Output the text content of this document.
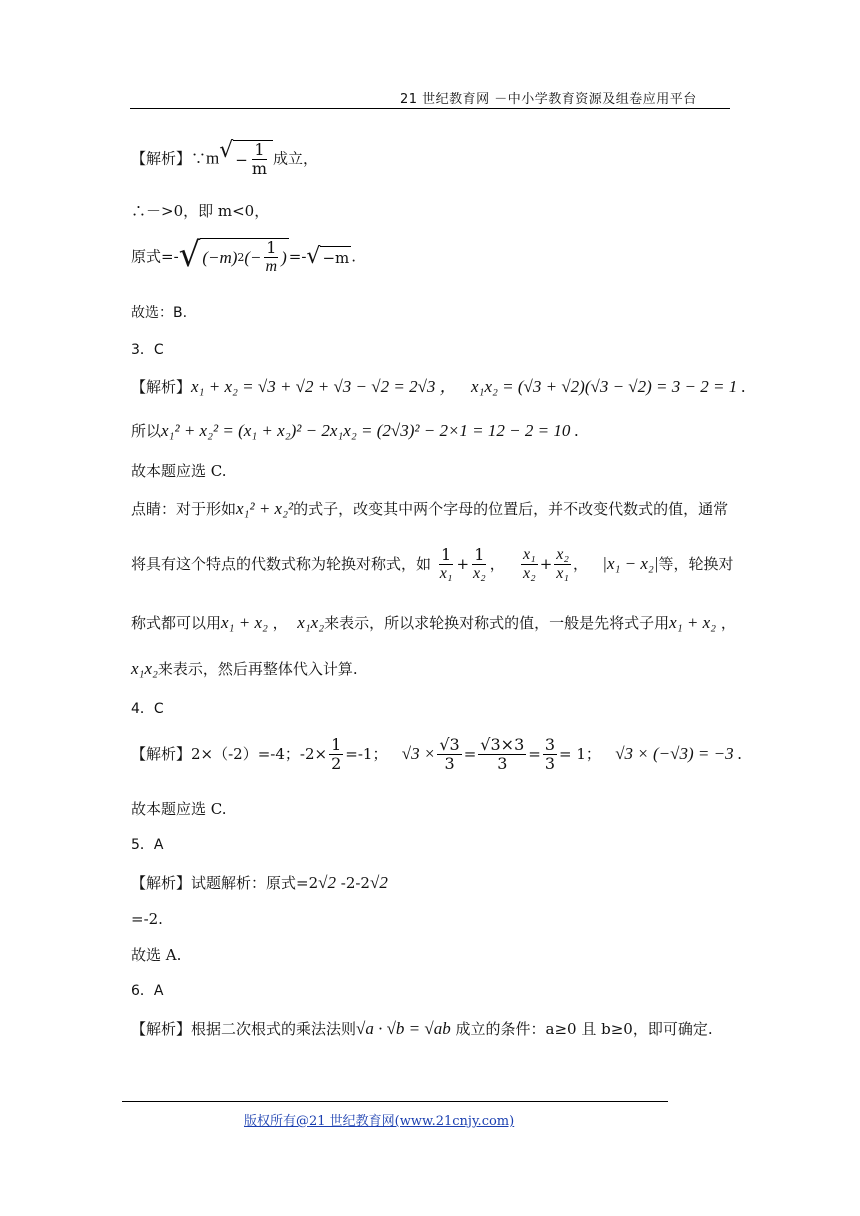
21 世纪教育网 －中小学教育资源及组卷应用平台
【解析】∵m √ − $\frac{1}{m}$ 成立，
∴－>0，即 m<0，
原式=- √ (−m) 2 (− $\frac{1}{m}$ ) =- √ −m .
故选：B.
3．C
【解析】x₁ + x₂ = √3 + √2 + √3 − √2 = 2√3 ， x₁x₂ = (√3 + √2)(√3 − √2) = 3 − 2 = 1 .
所以x₁² + x₂² = (x₁ + x₂)² − 2x₁x₂ = (2√3)² − 2×1 = 12 − 2 = 10 .
故本题应选 C.
点睛：对于形如x₁² + x₂²的式子，改变其中两个字母的位置后，并不改变代数式的值，通常
将具有这个特点的代数式称为轮换对称式，如 $\frac{1}{\text{x₁}} + \frac{1}{\text{x₂}}$ ， $\frac{\text{x₁}}{\text{x₂}} + \frac{\text{x₂}}{\text{x₁}}$ ，   |x₁ − x₂|等，轮换对
称式都可以用x₁ + x₂ ，  x₁x₂来表示，所以求轮换对称式的值，一般是先将式子用x₁ + x₂ ，
x₁x₂来表示，然后再整体代入计算.
4．C
【解析】2×（-2）=-4；$-2\times \frac{1}{2} =-1$； $√3 \times \frac{√3}{3} = \frac{√3\times 3}{3} = \frac{3}{3} = 1$；   √3 × (−√3) = −3 .
故本题应选 C.
5．A
【解析】试题解析：原式=2√2 -2-2√2
=-2.
故选 A.
6．A
【解析】根据二次根式的乘法法则√a · √b = √ab 成立的条件：a≥0 且 b≥0，即可确定.
版权所有@21 世纪教育网(www.21cnjy.com)
